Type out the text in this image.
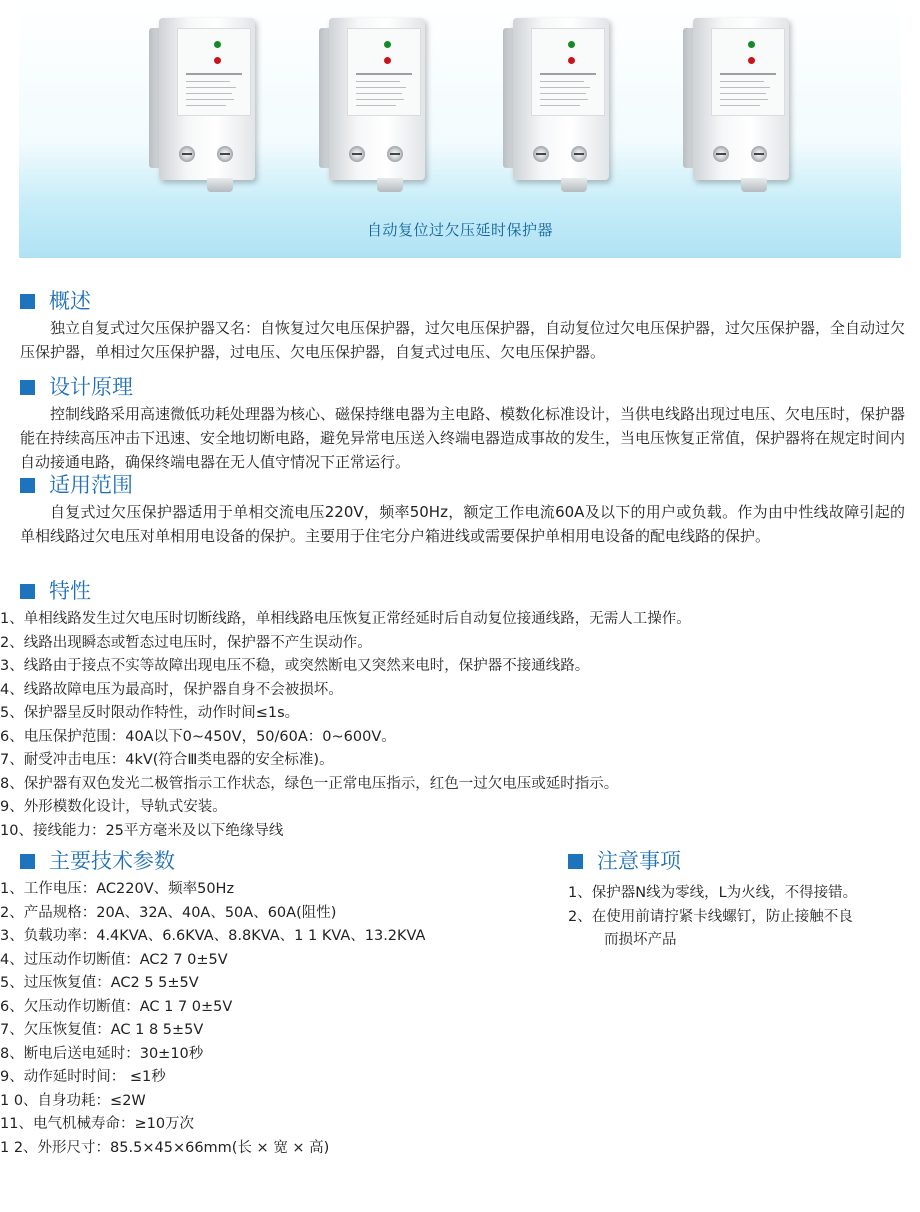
自动复位过欠压延时保护器
概述

独立自复式过欠压保护器又名：自恢复过欠电压保护器，过欠电压保护器，自动复位过欠电压保护器，过欠压保护器，全自动过欠压保护器，单相过欠压保护器，过电压、欠电压保护器，自复式过电压、欠电压保护器。

设计原理

控制线路采用高速微低功耗处理器为核心、磁保持继电器为主电路、模数化标准设计，当供电线路出现过电压、欠电压时，保护器能在持续高压冲击下迅速、安全地切断电路，避免异常电压送入终端电器造成事故的发生，当电压恢复正常值，保护器将在规定时间内自动接通电路，确保终端电器在无人值守情况下正常运行。

适用范围

自复式过欠压保护器适用于单相交流电压220V，频率50Hz，额定工作电流60A及以下的用户或负载。作为由中性线故障引起的单相线路过欠电压对单相用电设备的保护。主要用于住宅分户箱进线或需要保护单相用电设备的配电线路的保护。

特性
1、单相线路发生过欠电压时切断线路，单相线路电压恢复正常经延时后自动复位接通线路，无需人工操作。
2、线路出现瞬态或暂态过电压时，保护器不产生误动作。
3、线路由于接点不实等故障出现电压不稳，或突然断电又突然来电时，保护器不接通线路。
4、线路故障电压为最高时，保护器自身不会被损坏。
5、保护器呈反时限动作特性，动作时间≤1s。
6、电压保护范围：40A以下0~450V，50/60A：0~600V。
7、耐受冲击电压：4kV(符合Ⅲ类电器的安全标准)。
8、保护器有双色发光二极管指示工作状态，绿色一正常电压指示，红色一过欠电压或延时指示。
9、外形模数化设计，导轨式安装。
10、接线能力：25平方毫米及以下绝缘导线
主要技术参数
1、工作电压：AC220V、频率50Hz
2、产品规格：20A、32A、40A、50A、60A(阻性)
3、负载功率：4.4KVA、6.6KVA、8.8KVA、1 1 KVA、13.2KVA
4、过压动作切断值：AC2 7 0±5V
5、过压恢复值：AC2 5 5±5V
6、欠压动作切断值：AC 1 7 0±5V
7、欠压恢复值：AC 1 8 5±5V
8、断电后送电延时：30±10秒
9、动作延时时间： ≤1秒
1 0、自身功耗：≤2W
11、电气机械寿命：≥10万次
1 2、外形尺寸：85.5×45×66mm(长 × 宽 × 高)
注意事项
1、保护器N线为零线，L为火线，不得接错。
2、在使用前请拧紧卡线螺钉，防止接触不良
而损坏产品
